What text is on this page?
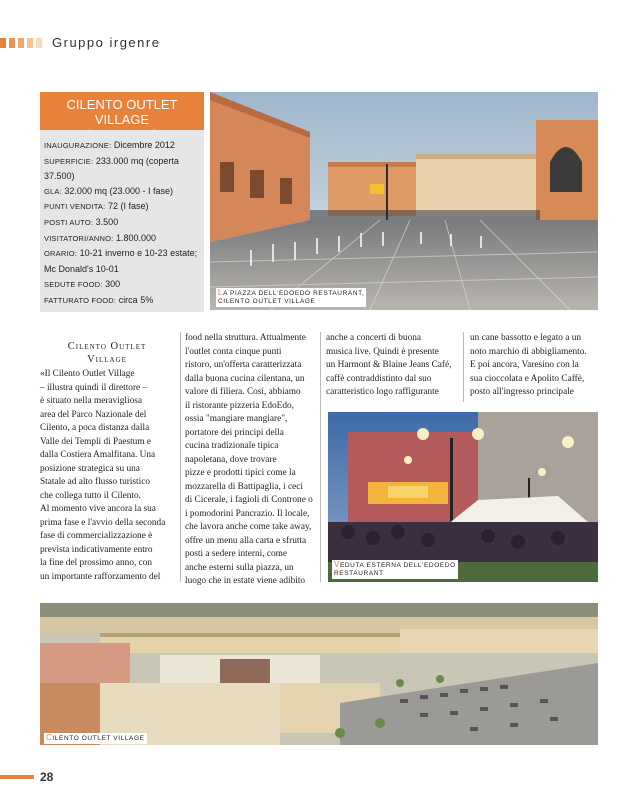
Gruppo irgenre
CILENTO OUTLET VILLAGE
INAUGURAZIONE: Dicembre 2012
SUPERFICIE: 233.000 mq (coperta 37.500)
GLA: 32.000 mq (23.000 - I fase)
PUNTI VENDITA: 72 (I fase)
POSTI AUTO: 3.500
VISITATORI/ANNO: 1.800.000
ORARIO: 10-21 inverno e 10-23 estate;
Mc Donald's 10-01
SEDUTE FOOD: 300
FATTURATO FOOD: circa 5%
LA PIAZZA DELL'EDOEDO RESTAURANT,
CILENTO OUTLET VILLAGE
Cilento Outlet
Village
«Il Cilento Outlet Village
– illustra quindi il direttore –
è situato nella meravigliosa
area del Parco Nazionale del
Cilento, a poca distanza dalla
Valle dei Templi di Paestum e
dalla Costiera Amalfitana. Una
posizione strategica su una
Statale ad alto flusso turistico
che collega tutto il Cilento.
Al momento vive ancora la sua
prima fase e l'avvio della seconda
fase di commercializzazione è
prevista indicativamente entro
la fine del prossimo anno, con
un importante rafforzamento del
food nella struttura. Attualmente
l'outlet conta cinque punti
ristoro, un'offerta caratterizzata
dalla buona cucina cilentana, un
valore di filiera. Così, abbiamo
il ristorante pizzeria EdoEdo,
ossia "mangiare mangiare",
portatore dei principi della
cucina tradizionale tipica
napoletana, dove trovare
pizze e prodotti tipici come la
mozzarella di Battipaglia, i ceci
di Cicerale, i fagioli di Controne o
i pomodorini Pancrazio. Il locale,
che lavora anche come take away,
offre un menu alla carta e sfrutta
posti a sedere interni, come
anche esterni sulla piazza, un
luogo che in estate viene adibito
anche a concerti di buona
musica live. Quindi è presente
un Harmont & Blaine Jeans Café,
caffè contraddistinto dal suo
caratteristico logo raffigurante
un cane bassotto e legato a un
noto marchio di abbigliamento.
E poi ancora, Varesino con la
sua cioccolata e Apolito Caffè,
posto all'ingresso principale
VEDUTA ESTERNA DELL'EDOEDO
RESTAURANT
CILENTO OUTLET VILLAGE
28
